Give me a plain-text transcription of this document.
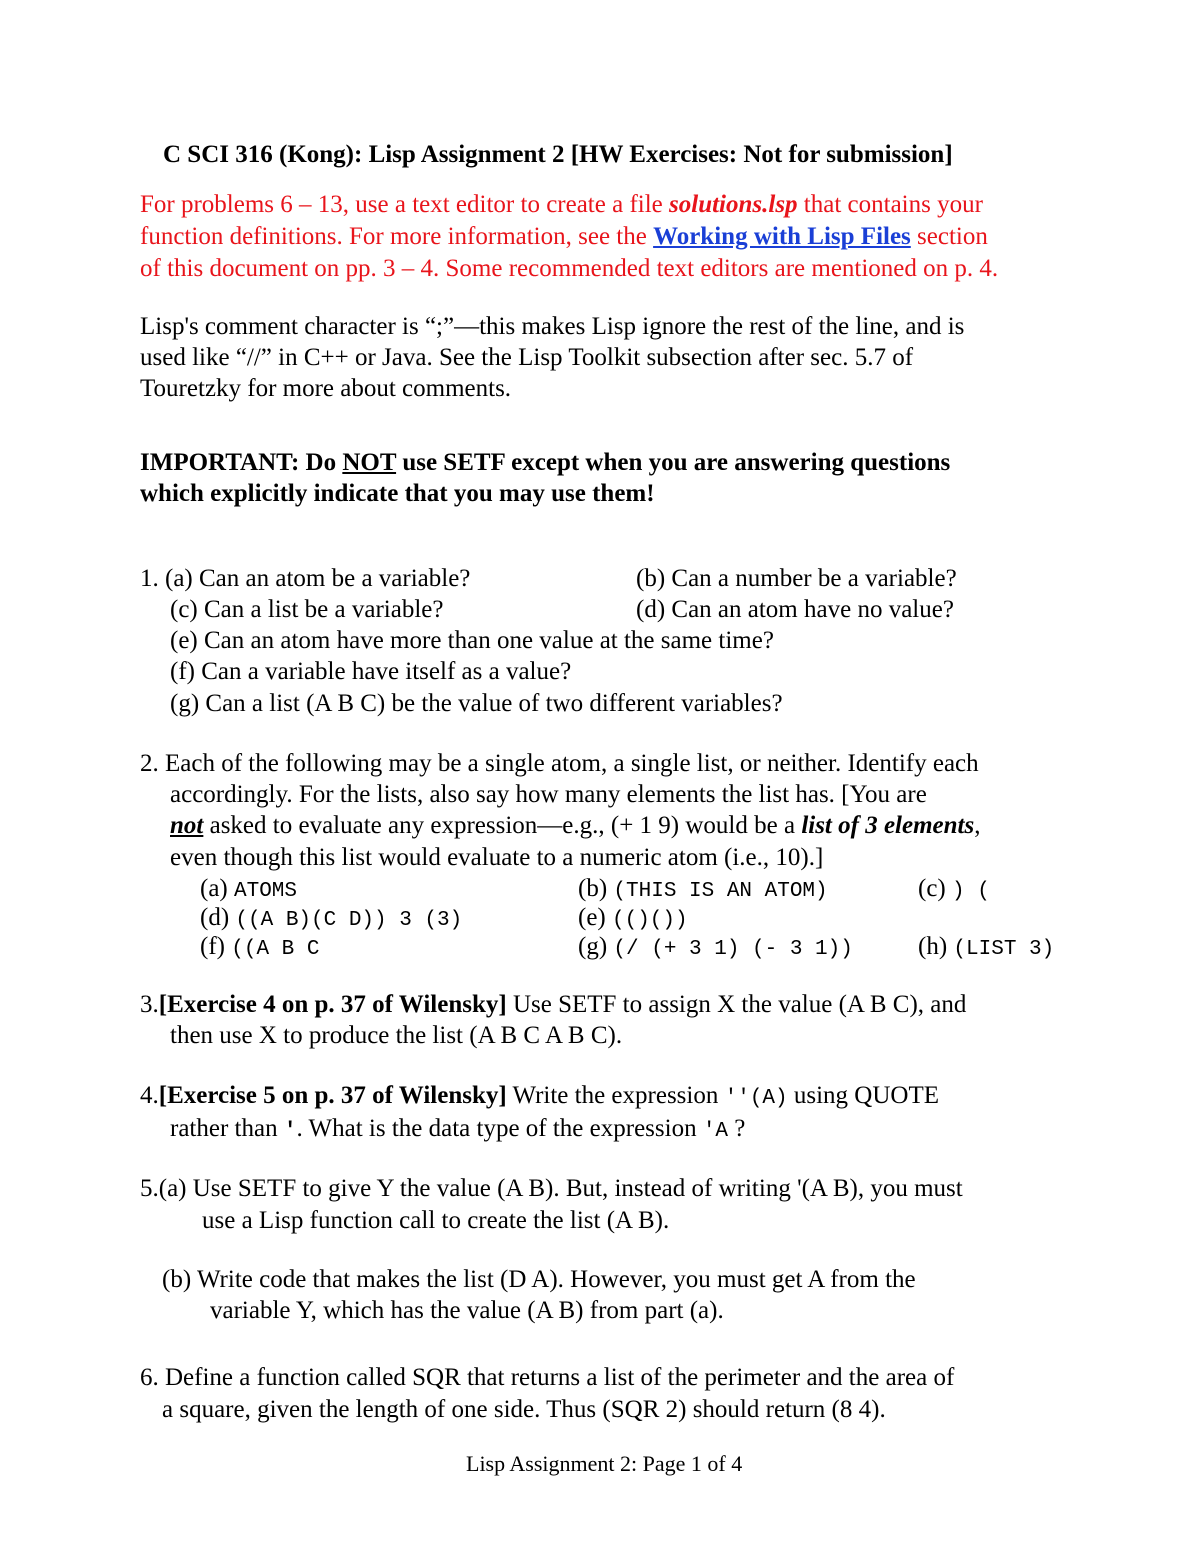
C SCI 316 (Kong): Lisp Assignment 2 [HW Exercises: Not for submission]
For problems 6 – 13, use a text editor to create a file solutions.lsp that contains your
function definitions. For more information, see the Working with Lisp Files section
of this document on pp. 3 – 4. Some recommended text editors are mentioned on p. 4.
Lisp's comment character is “;”—this makes Lisp ignore the rest of the line, and is
used like “//” in C++ or Java. See the Lisp Toolkit subsection after sec. 5.7 of
Touretzky for more about comments.
IMPORTANT: Do NOT use SETF except when you are answering questions
which explicitly indicate that you may use them!
1. (a) Can an atom be a variable?	(b) Can a number be a variable?
(c) Can a list be a variable?	(d) Can an atom have no value?
(e) Can an atom have more than one value at the same time?
(f) Can a variable have itself as a value?
(g) Can a list (A B C) be the value of two different variables?
2. Each of the following may be a single atom, a single list, or neither. Identify each
accordingly. For the lists, also say how many elements the list has. [You are
not asked to evaluate any expression—e.g., (+ 1 9) would be a list of 3 elements,
even though this list would evaluate to a numeric atom (i.e., 10).]
(a) ATOMS	(b) (THIS IS AN ATOM)	(c) ) (
(d) ((A B)(C D)) 3 (3)	(e) (()())
(f) ((A B C	(g) (/ (+ 3 1) (- 3 1))	(h) (LIST 3)
3.[Exercise 4 on p. 37 of Wilensky] Use SETF to assign X the value (A B C), and
then use X to produce the list (A B C A B C).
4.[Exercise 5 on p. 37 of Wilensky] Write the expression ''(A) using QUOTE
rather than '. What is the data type of the expression 'A ?
5.(a) Use SETF to give Y the value (A B). But, instead of writing '(A B), you must
use a Lisp function call to create the list (A B).
(b) Write code that makes the list (D A). However, you must get A from the
variable Y, which has the value (A B) from part (a).
6. Define a function called SQR that returns a list of the perimeter and the area of
a square, given the length of one side. Thus (SQR 2) should return (8 4).
Lisp Assignment 2: Page 1 of 4
